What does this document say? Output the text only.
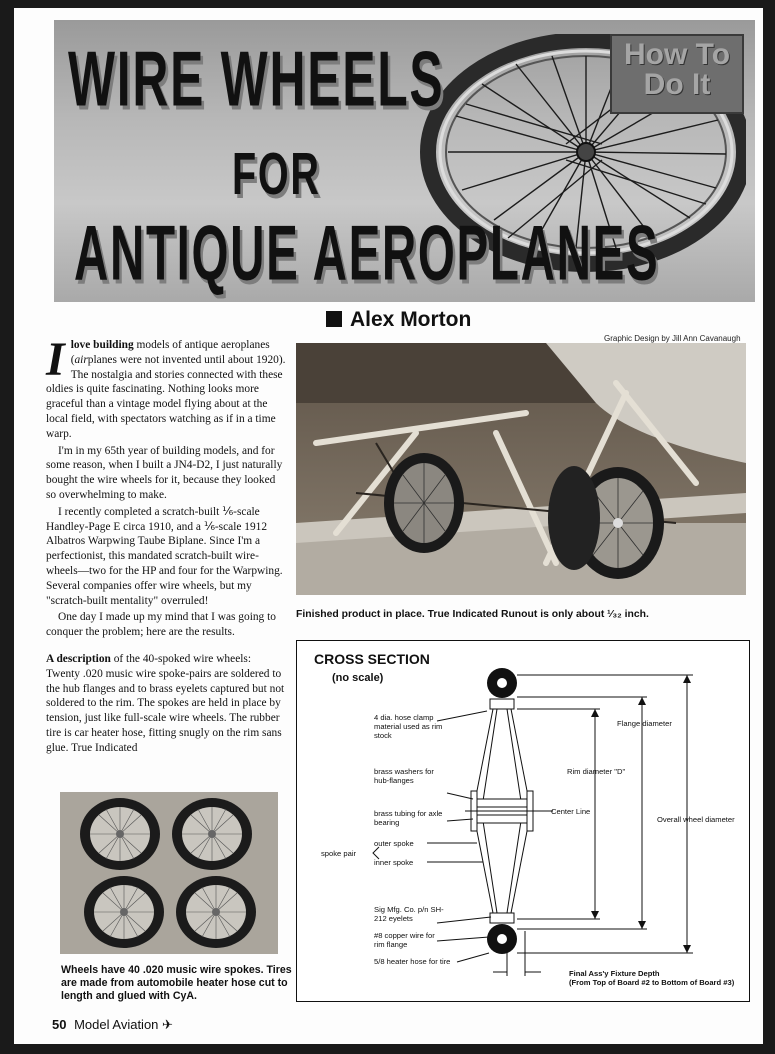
WIRE WHEELS
FOR
ANTIQUE AEROPLANES
How To
Do It
Alex Morton
Graphic Design by Jill Ann Cavanaugh

Ilove building models of antique aeroplanes (airplanes were not invented until about 1920). The nostalgia and stories connected with these oldies is quite fascinating. Nothing looks more graceful than a vintage model flying about at the local field, with spectators watching as if in a time warp.

I'm in my 65th year of building models, and for some reason, when I built a JN4-D2, I just naturally bought the wire wheels for it, because they looked so overwhelming to make.

I recently completed a scratch-built ⅙-scale Handley-Page E circa 1910, and a ⅙-scale 1912 Albatros Warpwing Taube Biplane. Since I'm a perfectionist, this mandated scratch-built wire-wheels—two for the HP and four for the Warpwing. Several companies offer wire wheels, but my "scratch-built mentality" overruled!

One day I made up my mind that I was going to conquer the problem; here are the results.

A description of the 40-spoked wire wheels: Twenty .020 music wire spoke-pairs are soldered to the hub flanges and to brass eyelets captured but not soldered to the rim. The spokes are held in place by tension, just like full-scale wire wheels. The rubber tire is car heater hose, fitting snugly on the rim sans glue. True Indicated

Wheels have 40 .020 music wire spokes. Tires are made from automobile heater hose cut to length and glued with CyA.
Finished product in place. True Indicated Runout is only about ¹⁄₃₂ inch.
CROSS SECTION
(no scale)
4 dia. hose clamp material used as rim stock
brass washers for hub-flanges
brass tubing for axle bearing
outer spoke
spoke pair
inner spoke
Sig Mfg. Co. p/n SH-212 eyelets
#8 copper wire for rim flange
5/8 heater hose for tire
Flange diameter
Rim diameter "D"
Center Line
Overall wheel diameter
Final Ass'y Fixture Depth
(From Top of Board #2 to Bottom of Board #3)
50 Model Aviation ✈
